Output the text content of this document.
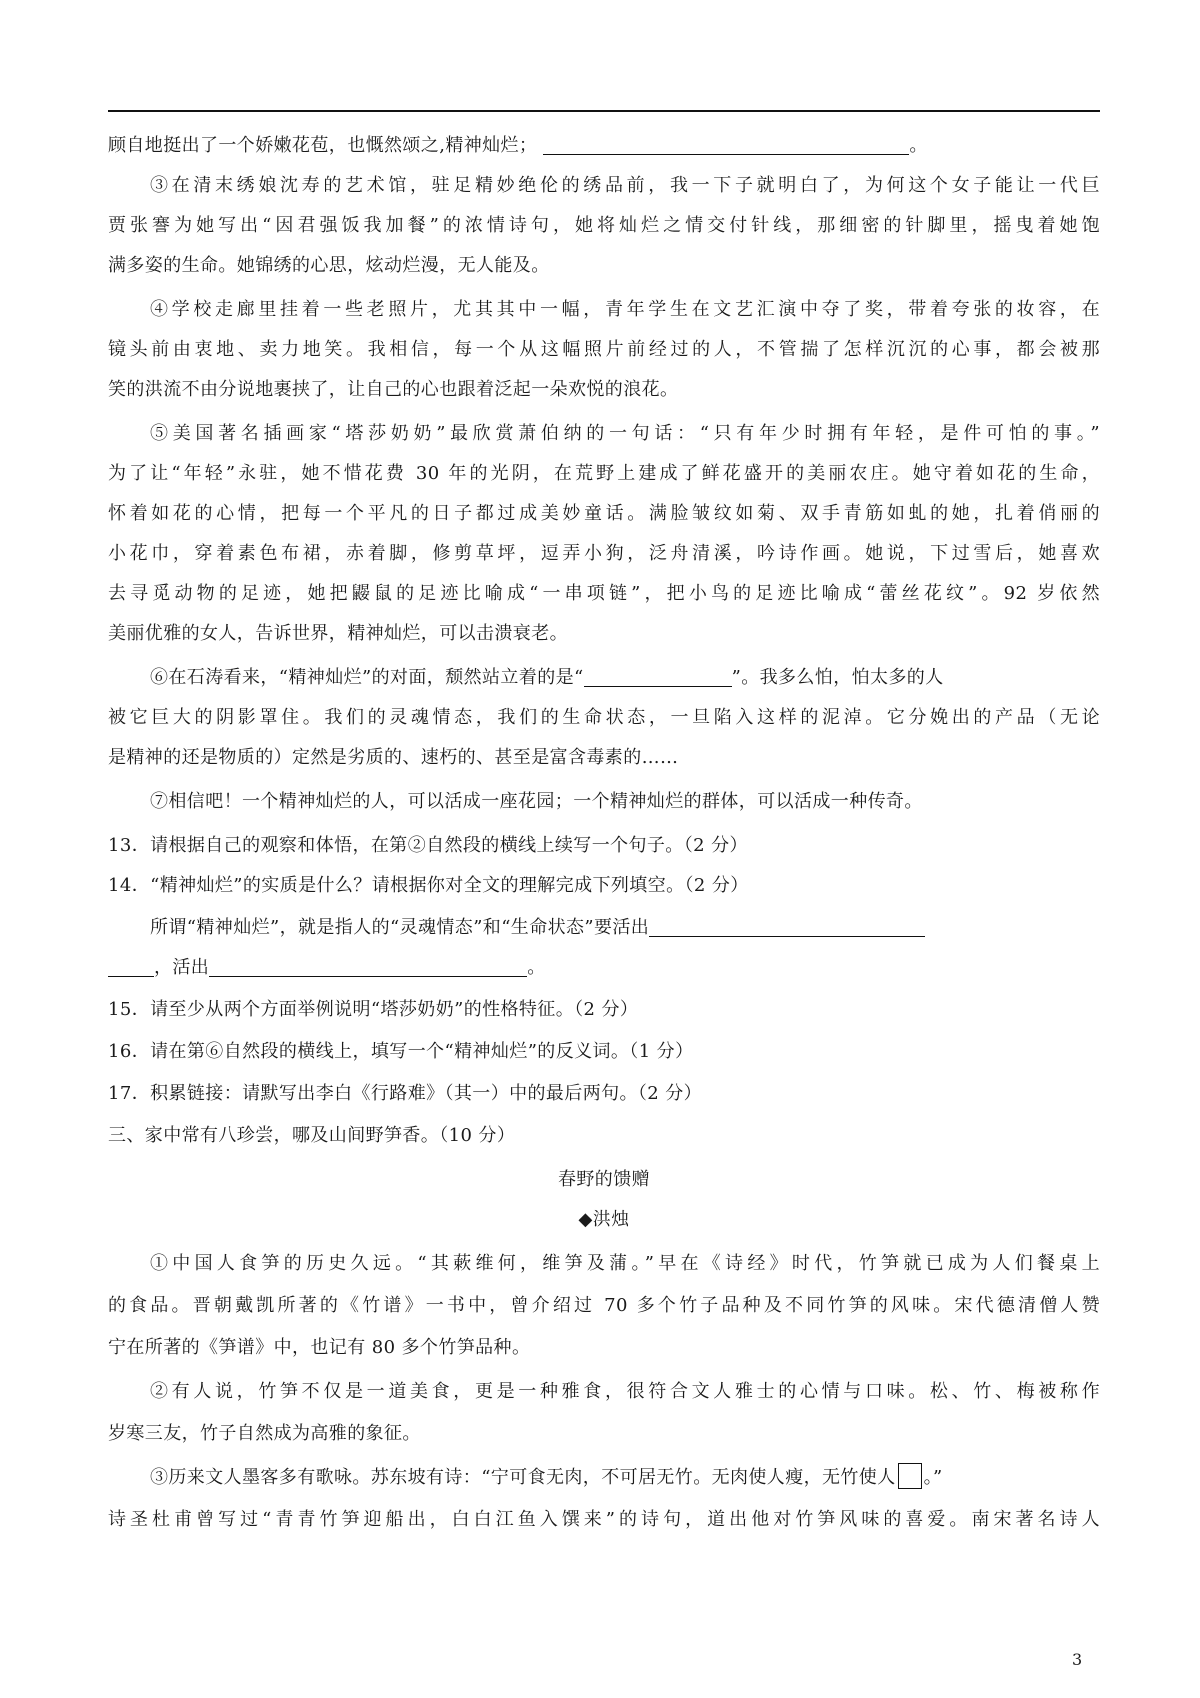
顾自地挺出了一个娇嫩花苞，也慨然颂之,精神灿烂；	。
③在清末绣娘沈寿的艺术馆，驻足精妙绝伦的绣品前，我一下子就明白了，为何这个女子能让一代巨
贾张謇为她写出“因君强饭我加餐”的浓情诗句，她将灿烂之情交付针线，那细密的针脚里，摇曳着她饱
满多姿的生命。她锦绣的心思，炫动烂漫，无人能及。
④学校走廊里挂着一些老照片，尤其其中一幅，青年学生在文艺汇演中夺了奖，带着夸张的妆容，在
镜头前由衷地、卖力地笑。我相信，每一个从这幅照片前经过的人，不管揣了怎样沉沉的心事，都会被那
笑的洪流不由分说地裹挟了，让自己的心也跟着泛起一朵欢悦的浪花。
⑤美国著名插画家“塔莎奶奶”最欣赏萧伯纳的一句话：“只有年少时拥有年轻，是件可怕的事。”
为了让“年轻”永驻，她不惜花费 30 年的光阴，在荒野上建成了鲜花盛开的美丽农庄。她守着如花的生命，
怀着如花的心情，把每一个平凡的日子都过成美妙童话。满脸皱纹如菊、双手青筋如虬的她，扎着俏丽的
小花巾，穿着素色布裙，赤着脚，修剪草坪，逗弄小狗，泛舟清溪，吟诗作画。她说，下过雪后，她喜欢
去寻觅动物的足迹，她把鼹鼠的足迹比喻成“一串项链”，把小鸟的足迹比喻成“蕾丝花纹”。92 岁依然
美丽优雅的女人，告诉世界，精神灿烂，可以击溃衰老。
⑥在石涛看来，“精神灿烂”的对面，颓然站立着的是“	”。我多么怕，怕太多的人
被它巨大的阴影罩住。我们的灵魂情态，我们的生命状态，一旦陷入这样的泥淖。它分娩出的产品（无论
是精神的还是物质的）定然是劣质的、速朽的、甚至是富含毒素的……
⑦相信吧！一个精神灿烂的人，可以活成一座花园；一个精神灿烂的群体，可以活成一种传奇。
13．请根据自己的观察和体悟，在第②自然段的横线上续写一个句子。（2 分）
14．“精神灿烂”的实质是什么？请根据你对全文的理解完成下列填空。（2 分）
所谓“精神灿烂”，就是指人的“灵魂情态”和“生命状态”要活出
，活出	。
15．请至少从两个方面举例说明“塔莎奶奶”的性格特征。（2 分）
16．请在第⑥自然段的横线上，填写一个“精神灿烂”的反义词。（1 分）
17．积累链接：请默写出李白《行路难》（其一）中的最后两句。（2 分）
三、家中常有八珍尝，哪及山间野笋香。（10 分）
春野的馈赠
◆洪烛
①中国人食笋的历史久远。“其蔌维何，维笋及蒲。”早在《诗经》时代，竹笋就已成为人们餐桌上
的食品。晋朝戴凯所著的《竹谱》一书中，曾介绍过 70 多个竹子品种及不同竹笋的风味。宋代德清僧人赞
宁在所著的《笋谱》中，也记有 80 多个竹笋品种。
②有人说，竹笋不仅是一道美食，更是一种雅食，很符合文人雅士的心情与口味。松、竹、梅被称作
岁寒三友，竹子自然成为高雅的象征。
③历来文人墨客多有歌咏。苏东坡有诗：“宁可食无肉，不可居无竹。无肉使人瘦，无竹使人 。”
诗圣杜甫曾写过“青青竹笋迎船出，白白江鱼入馔来”的诗句，道出他对竹笋风味的喜爱。南宋著名诗人
3
